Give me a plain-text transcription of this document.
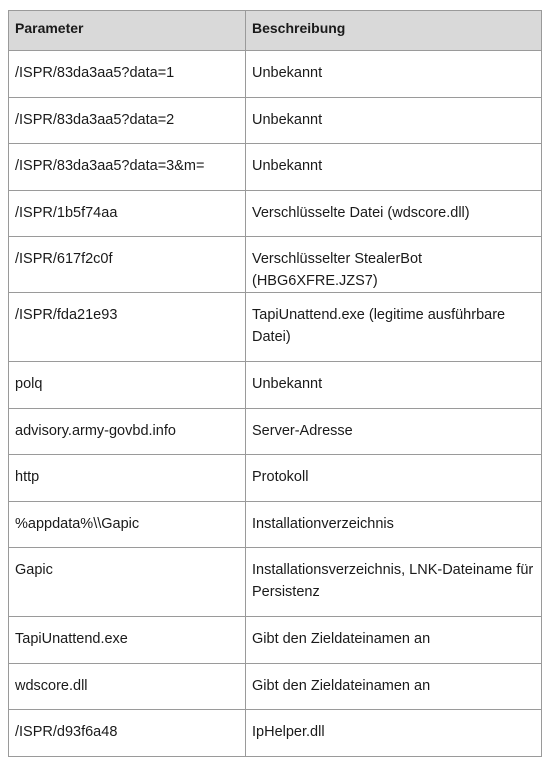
Parameter	Beschreibung
/ISPR/83da3aa5?data=1	Unbekannt
/ISPR/83da3aa5?data=2	Unbekannt
/ISPR/83da3aa5?data=3&m=	Unbekannt
/ISPR/1b5f74aa	Verschlüsselte Datei (wdscore.dll)
/ISPR/617f2c0f	Verschlüsselter StealerBot (HBG6XFRE.JZS7)
/ISPR/fda21e93	TapiUnattend.exe (legitime ausführbare Datei)
polq	Unbekannt
advisory.army-govbd.info	Server-Adresse
http	Protokoll
%appdata%\\Gapic	Installationverzeichnis
Gapic	Installationsverzeichnis, LNK-Dateiname für Persistenz
TapiUnattend.exe	Gibt den Zieldateinamen an
wdscore.dll	Gibt den Zieldateinamen an
/ISPR/d93f6a48	IpHelper.dll
